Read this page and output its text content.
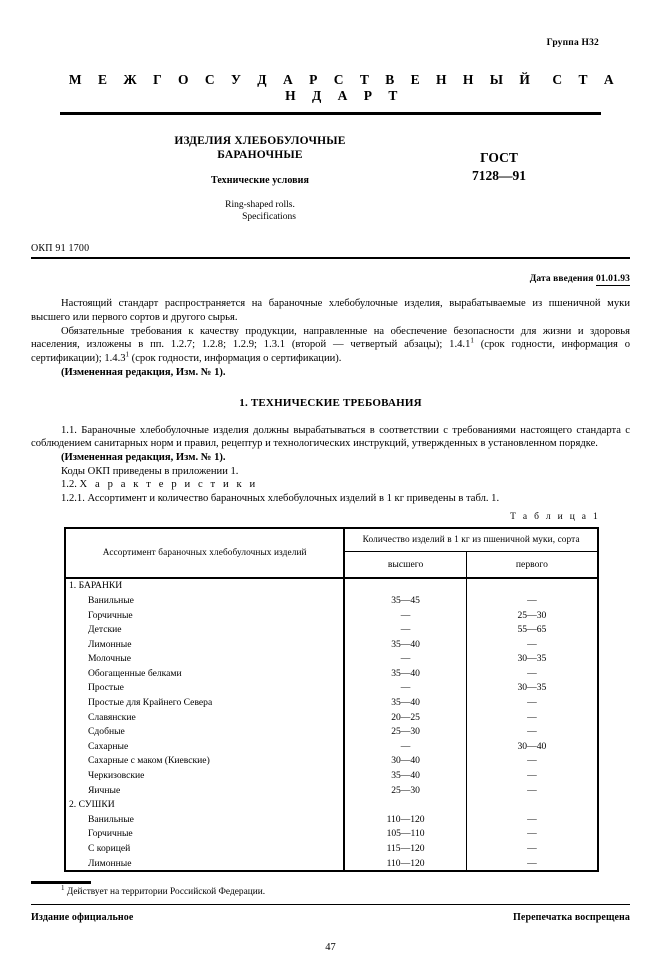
Группа Н32
М Е Ж Г О С У Д А Р С Т В Е Н Н Ы Й С Т А Н Д А Р Т
ИЗДЕЛИЯ ХЛЕБОБУЛОЧНЫЕ
БАРАНОЧНЫЕ
Технические условия
Ring-shaped rolls.
Specifications
ГОСТ
7128—91
ОКП 91 1700
Дата введения 01.01.93

Настоящий стандарт распространяется на бараночные хлебобулочные изделия, вырабатываемые из пшеничной муки высшего или первого сортов и другого сырья.

Обязательные требования к качеству продукции, направленные на обеспечение безопасности для жизни и здоровья населения, изложены в пп. 1.2.7; 1.2.8; 1.2.9; 1.3.1 (второй — четвертый абзацы); 1.4.1$^1$ (срок годности, информация о сертификации); 1.4.3$^1$ (срок годности, информация о сертификации).

(Измененная редакция, Изм. № 1).

1. ТЕХНИЧЕСКИЕ ТРЕБОВАНИЯ

1.1. Бараночные хлебобулочные изделия должны вырабатываться в соответствии с требованиями настоящего стандарта с соблюдением санитарных норм и правил, рецептур и технологических инструкций, утвержденных в установленном порядке.

(Измененная редакция, Изм. № 1).

Коды ОКП приведены в приложении 1.

1.2. Х а р а к т е р и с т и к и

1.2.1. Ассортимент и количество бараночных хлебобулочных изделий в 1 кг приведены в табл. 1.

Т а б л и ц а 1
Ассортимент бараночных хлебобулочных изделий	Количество изделий в 1 кг из пшеничной муки, сорта	
	высшего	первого
1. БАРАНКИ		
Ванильные	35—45	—
Горчичные	—	25—30
Детские	—	55—65
Лимонные	35—40	—
Молочные	—	30—35
Обогащенные белками	35—40	—
Простые	—	30—35
Простые для Крайнего Севера	35—40	—
Славянские	20—25	—
Сдобные	25—30	—
Сахарные	—	30—40
Сахарные с маком (Киевские)	30—40	—
Черкизовские	35—40	—
Яичные	25—30	—
2. СУШКИ		
Ванильные	110—120	—
Горчичные	105—110	—
С корицей	115—120	—
Лимонные	110—120	—
$^1$ Действует на территории Российской Федерации.
Издание официальное	Перепечатка воспрещена
47
